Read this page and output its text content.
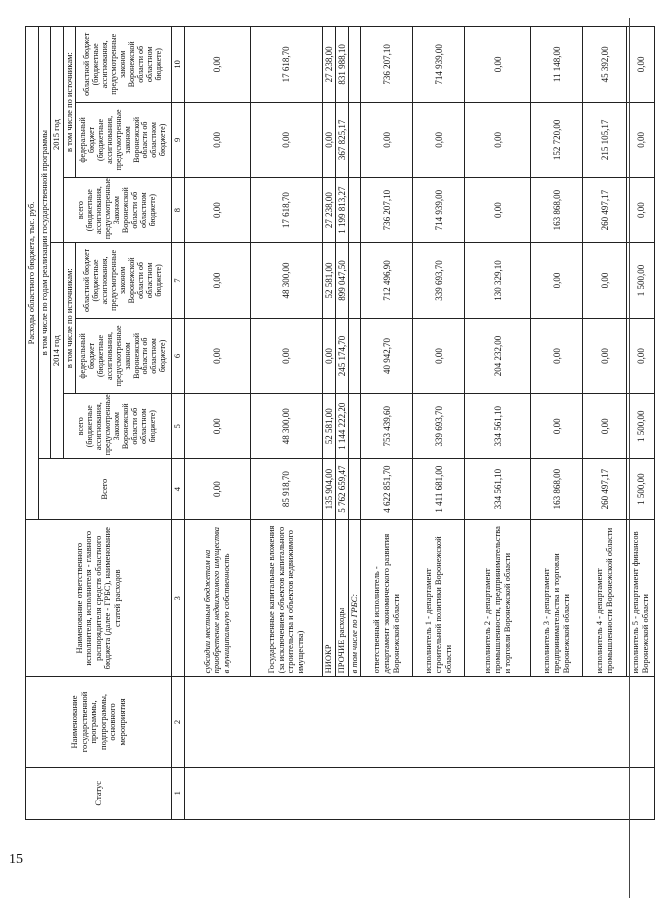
15
Статус	Наименование государственной программы, подпрограммы, основного мероприятия	Наименование ответственного исполнителя, исполнителя - главного распорядителя средств областного бюджета (далее - ГРБС), наименование статей расходов	Расходы областного бюджета, тыс. руб.						
			Всего	в том числе по годам реализации государственной программы					
				2014 год			2015 год		
				всего (бюджетные ассигнования, предусмотренные Законом Воронежской области об областном бюджете)	в том числе по источникам:		всего (бюджетные ассигнования, предусмотренные Законом Воронежской области об областном бюджете)	в том числе по источникам:	
					федеральный бюджет (бюджетные ассигнования, предусмотренные законом Воронежской области об областном бюджете)	областной бюджет (бюджетные ассигнования, предусмотренные законом Воронежской области об областном бюджете)		федеральный бюджет (бюджетные ассигнования, предусмотренные законом Воронежской области об областном бюджете)	областной бюджет (бюджетные ассигнования, предусмотренные законом Воронежской области об областном бюджете)
1	2	3	4	5	6	7	8	9	10
		субсидии местным бюджетам на приобретение недвижимого имущества в муниципальную собственность	0,00	0,00	0,00	0,00	0,00	0,00	0,00
		Государственные капитальные вложения (за исключением объектов капитального строительства и объектов недвижимого имущества)	85 918,70	48 300,00	0,00	48 300,00	17 618,70	0,00	17 618,70
		НИОКР	135 904,00	52 581,00	0,00	52 581,00	27 238,00	0,00	27 238,00
		ПРОЧИЕ расходы	5 762 659,47	1 144 222,20	245 174,70	899 047,50	1 199 813,27	367 825,17	831 988,10
		в том числе по ГРБС:							
		ответственный исполнитель - департамент экономического развития Воронежской области	4 622 851,70	753 439,60	40 942,70	712 496,90	736 207,10	0,00	736 207,10
		исполнитель 1 - департамент строительной политики Воронежской области	1 411 681,00	339 693,70	0,00	339 693,70	714 939,00	0,00	714 939,00
		исполнитель 2 - департамент промышленности, предпринимательства и торговли Воронежской области	334 561,10	334 561,10	204 232,00	130 329,10	0,00	0,00	0,00
		исполнитель 3 - департамент предпринимательства и торговли Воронежской области	163 868,00	0,00	0,00	0,00	163 868,00	152 720,00	11 148,00
		исполнитель 4 - департамент промышленности Воронежской области	260 497,17	0,00	0,00	0,00	260 497,17	215 105,17	45 392,00
		исполнитель 5 - департамент финансов Воронежской области	1 500,00	1 500,00	0,00	1 500,00	0,00	0,00	0,00
